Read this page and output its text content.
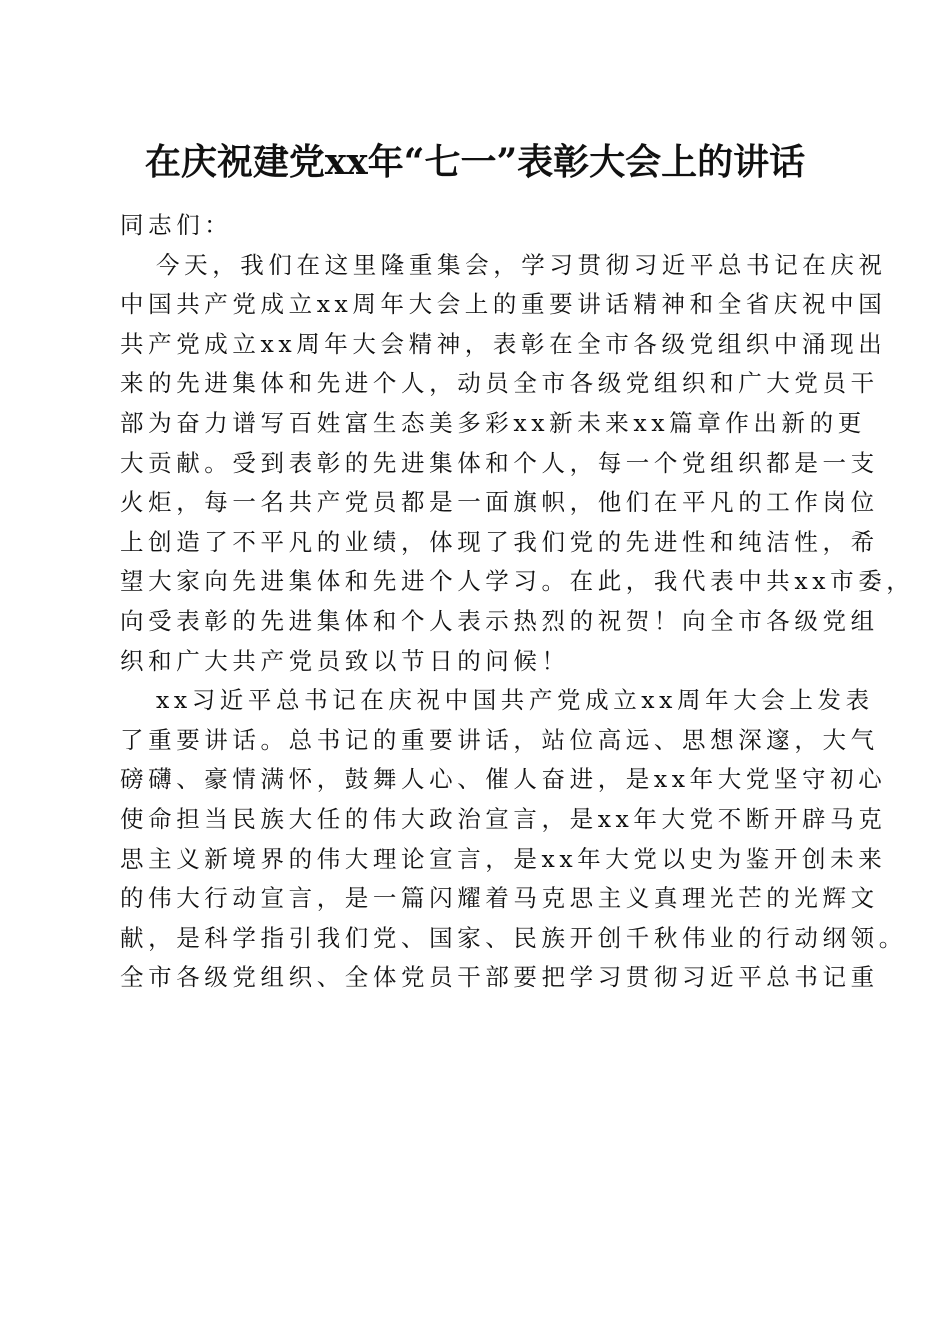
在庆祝建党xx年“七一”表彰大会上的讲话
同志们：
今天，我们在这里隆重集会，学习贯彻习近平总书记在庆祝
中国共产党成立xx周年大会上的重要讲话精神和全省庆祝中国
共产党成立xx周年大会精神，表彰在全市各级党组织中涌现出
来的先进集体和先进个人，动员全市各级党组织和广大党员干
部为奋力谱写百姓富生态美多彩xx新未来xx篇章作出新的更
大贡献。受到表彰的先进集体和个人，每一个党组织都是一支
火炬，每一名共产党员都是一面旗帜，他们在平凡的工作岗位
上创造了不平凡的业绩，体现了我们党的先进性和纯洁性，希
望大家向先进集体和先进个人学习。在此，我代表中共xx市委，
向受表彰的先进集体和个人表示热烈的祝贺！向全市各级党组
织和广大共产党员致以节日的问候！
xx习近平总书记在庆祝中国共产党成立xx周年大会上发表
了重要讲话。总书记的重要讲话，站位高远、思想深邃，大气
磅礴、豪情满怀，鼓舞人心、催人奋进，是xx年大党坚守初心
使命担当民族大任的伟大政治宣言，是xx年大党不断开辟马克
思主义新境界的伟大理论宣言，是xx年大党以史为鉴开创未来
的伟大行动宣言，是一篇闪耀着马克思主义真理光芒的光辉文
献，是科学指引我们党、国家、民族开创千秋伟业的行动纲领。
全市各级党组织、全体党员干部要把学习贯彻习近平总书记重
